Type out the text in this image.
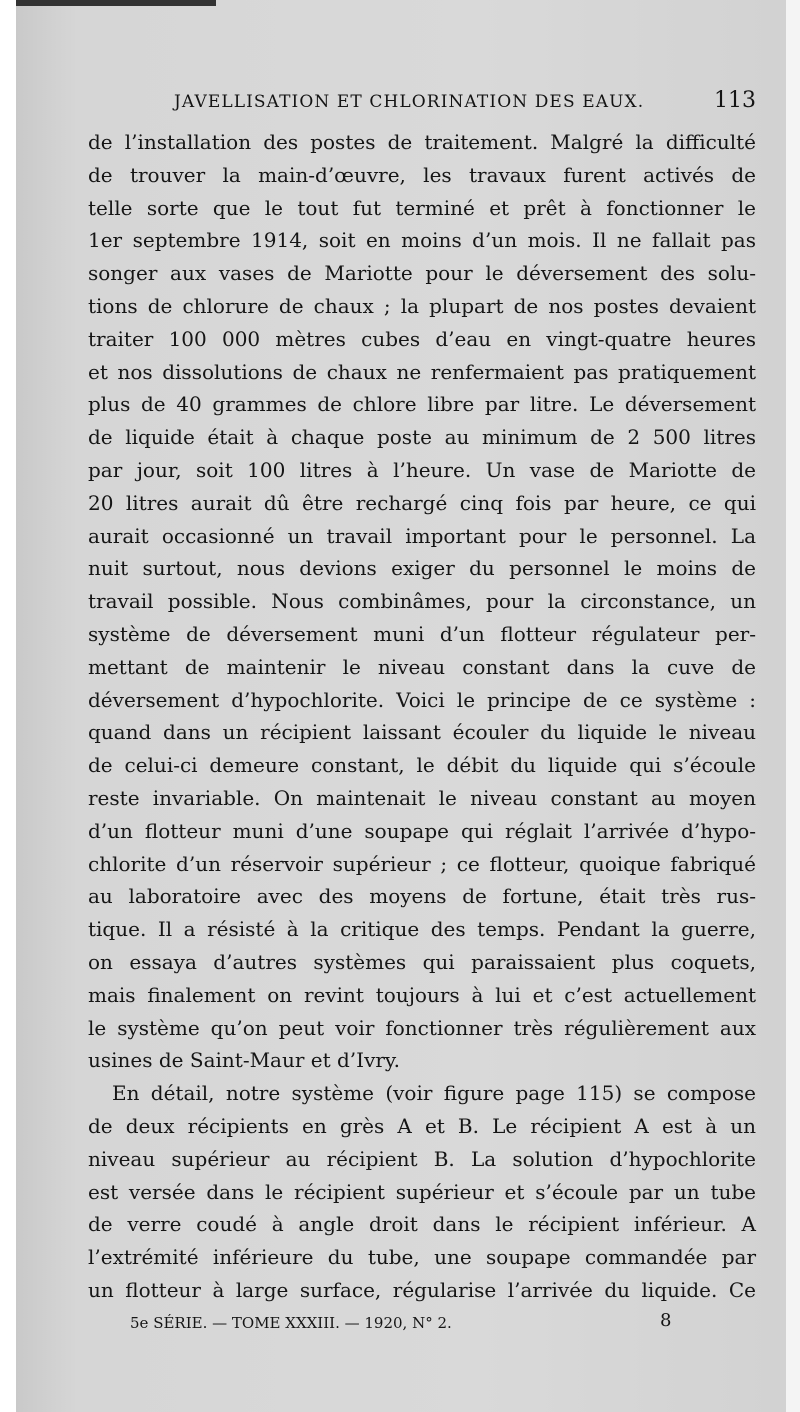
JAVELLISATION ET CHLORINATION DES EAUX.	113
de l’installation des postes de traitement. Malgré la difficulté
de trouver la main-d’œuvre, les travaux furent activés de
telle sorte que le tout fut terminé et prêt à fonctionner le
1er septembre 1914, soit en moins d’un mois. Il ne fallait pas
songer aux vases de Mariotte pour le déversement des solu-
tions de chlorure de chaux ; la plupart de nos postes devaient
traiter 100 000 mètres cubes d’eau en vingt-quatre heures
et nos dissolutions de chaux ne renfermaient pas pratiquement
plus de 40 grammes de chlore libre par litre. Le déversement
de liquide était à chaque poste au minimum de 2 500 litres
par jour, soit 100 litres à l’heure. Un vase de Mariotte de
20 litres aurait dû être rechargé cinq fois par heure, ce qui
aurait occasionné un travail important pour le personnel. La
nuit surtout, nous devions exiger du personnel le moins de
travail possible. Nous combinâmes, pour la circonstance, un
système de déversement muni d’un flotteur régulateur per-
mettant de maintenir le niveau constant dans la cuve de
déversement d’hypochlorite. Voici le principe de ce système :
quand dans un récipient laissant écouler du liquide le niveau
de celui-ci demeure constant, le débit du liquide qui s’écoule
reste invariable. On maintenait le niveau constant au moyen
d’un flotteur muni d’une soupape qui réglait l’arrivée d’hypo-
chlorite d’un réservoir supérieur ; ce flotteur, quoique fabriqué
au laboratoire avec des moyens de fortune, était très rus-
tique. Il a résisté à la critique des temps. Pendant la guerre,
on essaya d’autres systèmes qui paraissaient plus coquets,
mais finalement on revint toujours à lui et c’est actuellement
le système qu’on peut voir fonctionner très régulièrement aux
usines de Saint-Maur et d’Ivry.
En détail, notre système (voir figure page 115) se compose
de deux récipients en grès A et B. Le récipient A est à un
niveau supérieur au récipient B. La solution d’hypochlorite
est versée dans le récipient supérieur et s’écoule par un tube
de verre coudé à angle droit dans le récipient inférieur. A
l’extrémité inférieure du tube, une soupape commandée par
un flotteur à large surface, régularise l’arrivée du liquide. Ce
5e SÉRIE. — TOME XXXIII. — 1920, N° 2.	8
